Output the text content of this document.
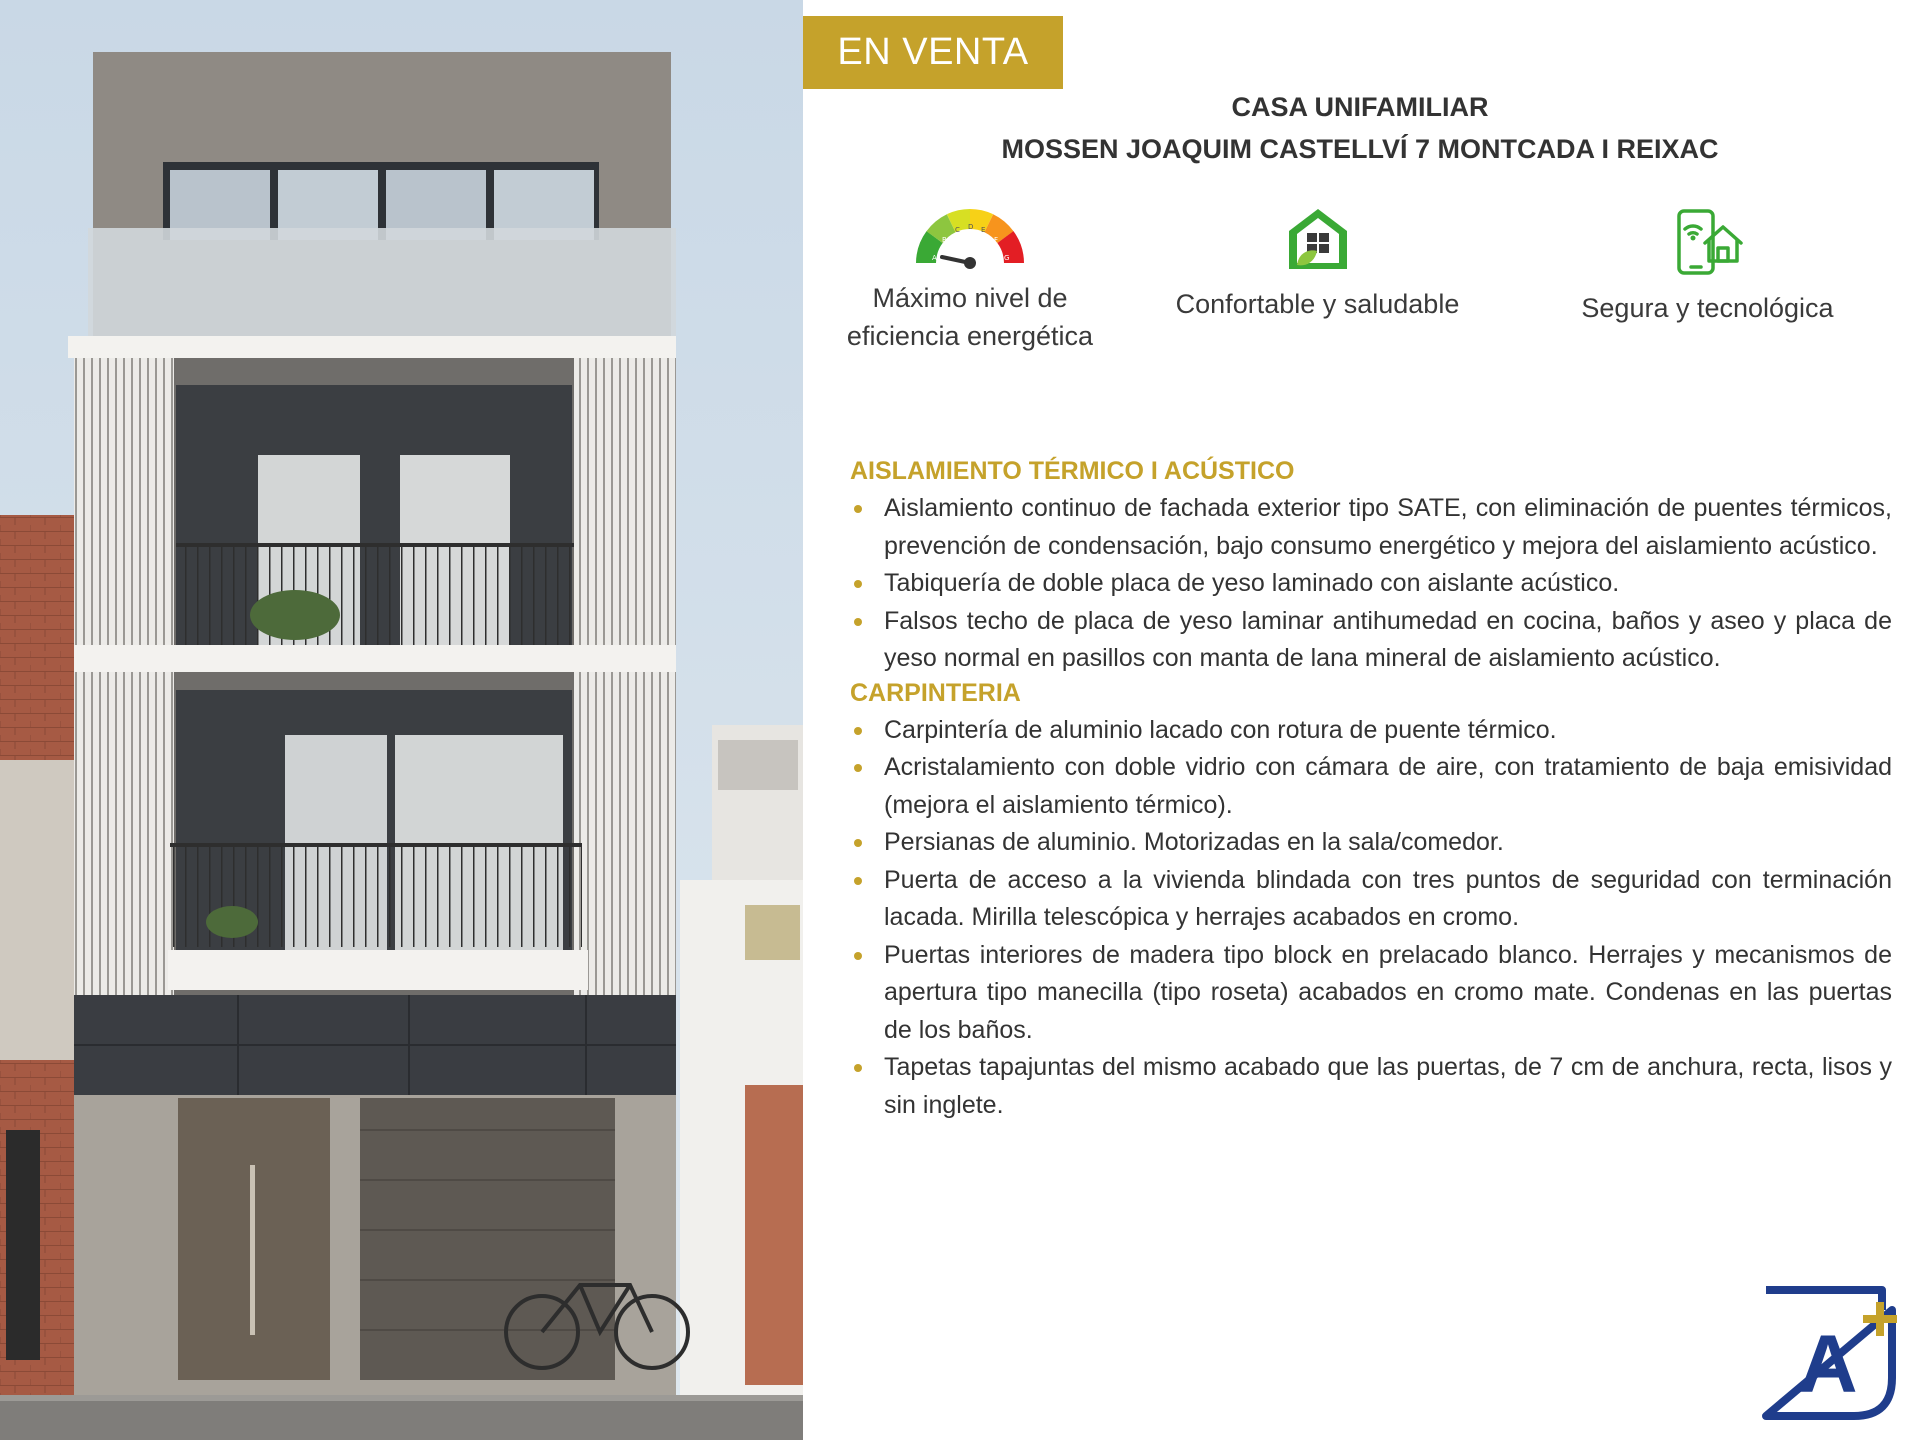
EN VENTA
CASA UNIFAMILIAR
MOSSEN JOAQUIM CASTELLVÍ 7 MONTCADA I REIXAC
A
B
C D E
F
G
Máximo nivel de
eficiencia energética
Confortable y saludable	Segura y tecnológica
AISLAMIENTO TÉRMICO I ACÚSTICO
Aislamiento continuo de fachada exterior tipo SATE, con eliminación de puentes térmicos, prevención de condensación, bajo consumo energético y mejora del aislamiento acústico.
Tabiquería de doble placa de yeso laminado con aislante acústico.
Falsos techo de placa de yeso laminar antihumedad en cocina, baños y aseo y placa de yeso normal en pasillos con manta de lana mineral de aislamiento acústico.
CARPINTERIA
Carpintería de aluminio lacado con rotura de puente térmico.
Acristalamiento con doble vidrio con cámara de aire, con tratamiento de baja emisividad (mejora el aislamiento térmico).
Persianas de aluminio. Motorizadas en la sala/comedor.
Puerta de acceso a la vivienda blindada con tres puntos de seguridad con terminación lacada. Mirilla telescópica y herrajes acabados en cromo.
Puertas interiores de madera tipo block en prelacado blanco. Herrajes y mecanismos de apertura tipo manecilla (tipo roseta) acabados en cromo mate. Condenas en las puertas de los baños.
Tapetas tapajuntas del mismo acabado que las puertas, de 7 cm de anchura, recta, lisos y sin inglete.
A
